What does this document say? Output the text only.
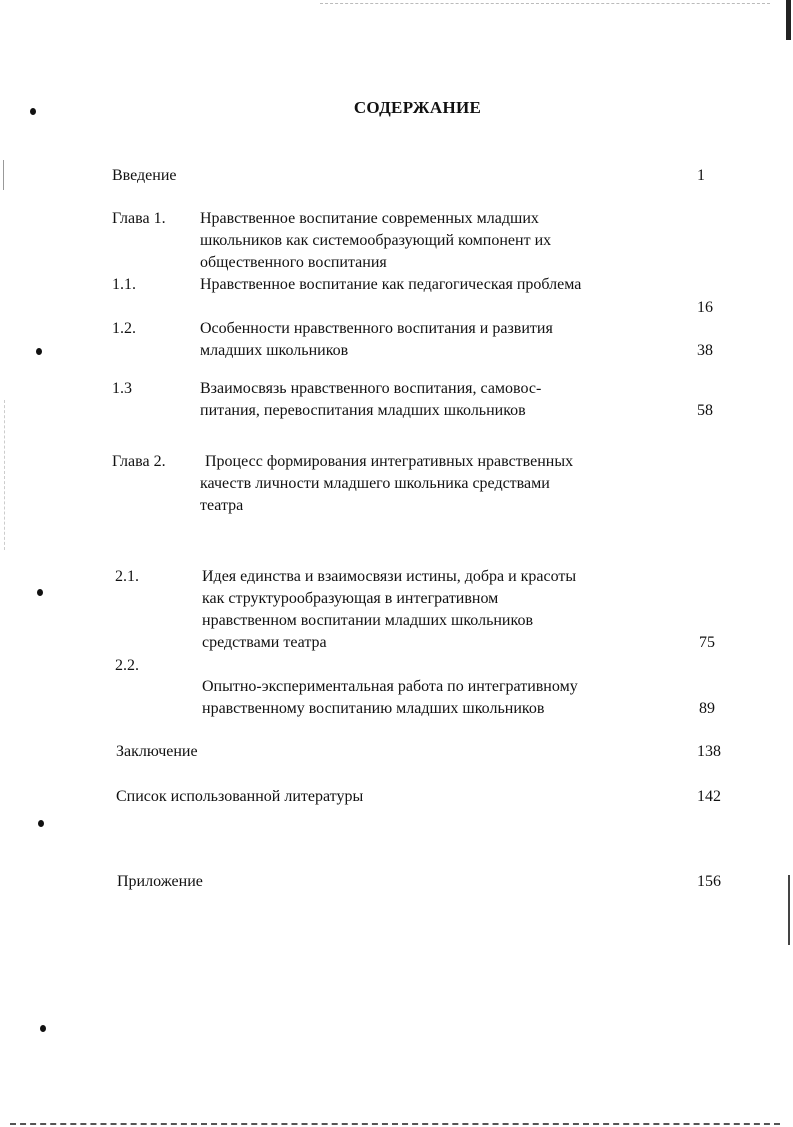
СОДЕРЖАНИЕ
Введение	1
Глава 1. Нравственное воспитание современных младших
школьников как системообразующий компонент их
общественного воспитания
1.1.	Нравственное воспитание как педагогическая проблема
16
1.2.	Особенности нравственного воспитания и развития
младших школьников	38
1.3	Взаимосвязь нравственного воспитания, самовос-
питания, перевоспитания младших школьников	58
Глава 2. Процесс формирования интегративных нравственных
качеств личности младшего школьника средствами
театра
2.1.	Идея единства и взаимосвязи истины, добра и красоты
как структурообразующая в интегративном
нравственном воспитании младших школьников
средствами театра	75
2.2.
Опытно-экспериментальная работа по интегративному
нравственному воспитанию младших школьников	89
Заключение	138
Список использованной литературы	142
Приложение	156
